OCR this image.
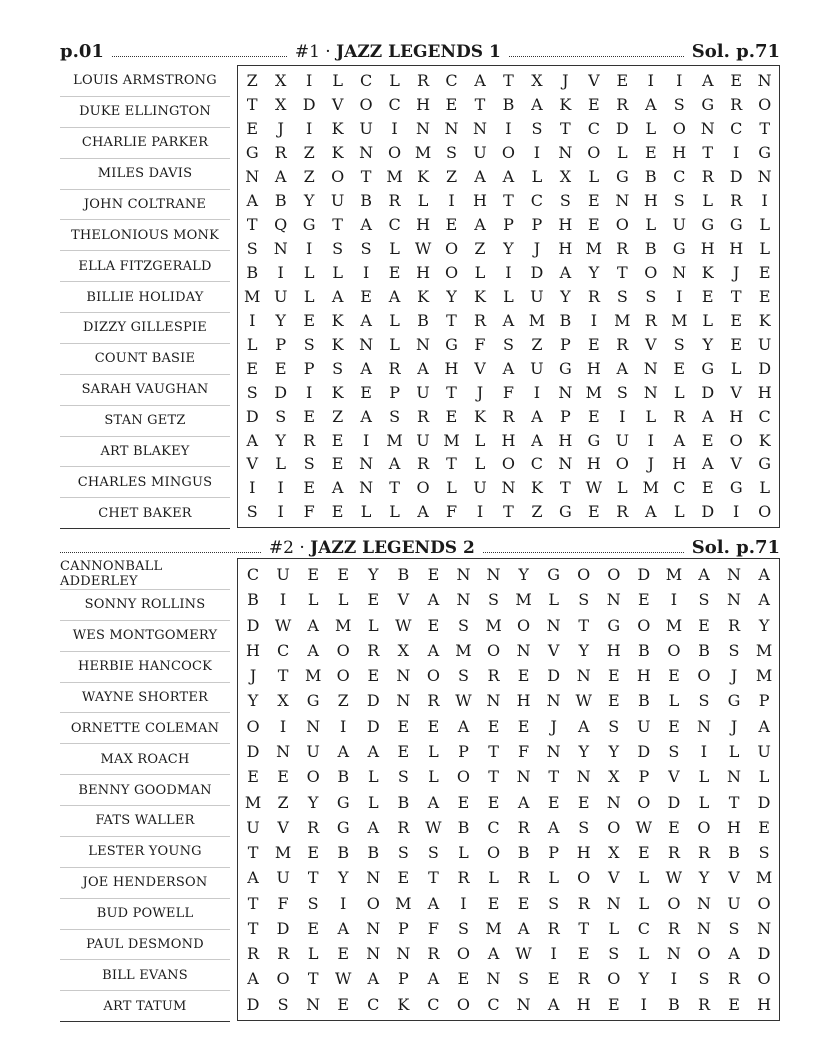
p.01	#1 · JAZZ LEGENDS 1	Sol. p.71
LOUIS ARMSTRONG
DUKE ELLINGTON
CHARLIE PARKER
MILES DAVIS
JOHN COLTRANE
THELONIOUS MONK
ELLA FITZGERALD
BILLIE HOLIDAY
DIZZY GILLESPIE
COUNT BASIE
SARAH VAUGHAN
STAN GETZ
ART BLAKEY
CHARLES MINGUS
CHET BAKER
Z	X	I	L	C	L	R	C	A	T	X	J	V	E	I	I	A	E N
T	X	D	V	O C H E	T	B	A	K	E	R	A	S	G	R O
E	J	I	K U	I	N N N	I	S	T	C D	L	O N C	T
G	R	Z	K N O M S	U O	I	N O	L	E H	T	I	G
N A	Z	O	T M K	Z	A	A	L	X	L	G	B	C	R	D N
A	B	Y	U B	R	L	I	H	T	C	S	E N H	S	L	R	I
T	Q G	T	A	C H E	A	P	P	H E	O	L	U G G	L
S N	I	S	S	L W O	Z	Y	J	H M R	B	G H H	L
B	I	L	L	I	E H O	L	I	D	A	Y	T	O N K	J	E
M U	L	A	E	A	K	Y	K	L	U	Y	R	S	S	I	E	T	E
I	Y	E	K	A	L	B	T	R	A M B	I	M R M L	E	K
L	P	S	K N	L	N G	F	S	Z	P	E	R	V	S	Y	E U
E	E	P	S	A	R	A H V	A U G H A N E	G	L	D
S	D	I	K	E	P	U	T	J	F	I	N M S N	L	D	V H
D	S	E	Z	A	S	R	E	K	R	A	P	E	I	L	R	A H C
A	Y	R	E	I	M U M L	H A H G U	I	A	E	O K
V	L	S	E N A	R	T	L	O C N H O	J	H A	V	G
I	I	E	A N	T	O	L	U N K	T W L M C	E	G	L
S	I	F	E	L	L	A	F	I	T	Z	G	E	R	A	L	D	I	O
#2 · JAZZ LEGENDS 2	Sol. p.71
CANNONBALL ADDERLEY
SONNY ROLLINS
WES MONTGOMERY
HERBIE HANCOCK
WAYNE SHORTER
ORNETTE COLEMAN
MAX ROACH
BENNY GOODMAN
FATS WALLER
LESTER YOUNG
JOE HENDERSON
BUD POWELL
PAUL DESMOND
BILL EVANS
ART TATUM
C	U	E	E	Y	B	E	N	N	Y	G	O	O	D M	A	N	A
B	I	L	L	E	V	A	N	S	M	L	S	N	E	I	S	N	A
D W	A	M	L	W	E	S	M O	N	T	G	O M	E	R	Y
H	C	A	O	R	X	A	M O	N	V	Y	H	B	O	B	S	M
J	T	M O	E	N	O	S	R	E	D	N	E	H	E	O	J	M
Y	X	G	Z	D	N	R W N	H	N W	E	B	L	S	G	P
O	I	N	I	D	E	E	A	E	E	J	A	S	U	E	N	J	A
D	N	U	A	A	E	L	P	T	F	N	Y	Y	D	S	I	L	U
E	E	O	B	L	S	L	O	T	N	T	N	X	P	V	L	N	L
M	Z	Y	G	L	B	A	E	E	A	E	E	N	O	D	L	T	D
U	V	R	G	A	R W B	C	R	A	S	O W	E	O	H	E
T	M	E	B	B	S	S	L	O	B	P	H	X	E	R	R	B	S
A	U	T	Y	N	E	T	R	L	R	L	O	V	L	W	Y	V	M
T	F	S	I	O M	A	I	E	E	S	R	N	L	O	N	U	O
T	D	E	A	N	P	F	S	M	A	R	T	L	C	R	N	S	N
R	R	L	E	N	N	R	O	A	W	I	E	S	L	N	O	A	D
A	O	T	W	A	P	A	E	N	S	E	R	O	Y	I	S	R	O
D	S	N	E	C	K	C	O	C	N	A	H	E	I	B	R	E	H
